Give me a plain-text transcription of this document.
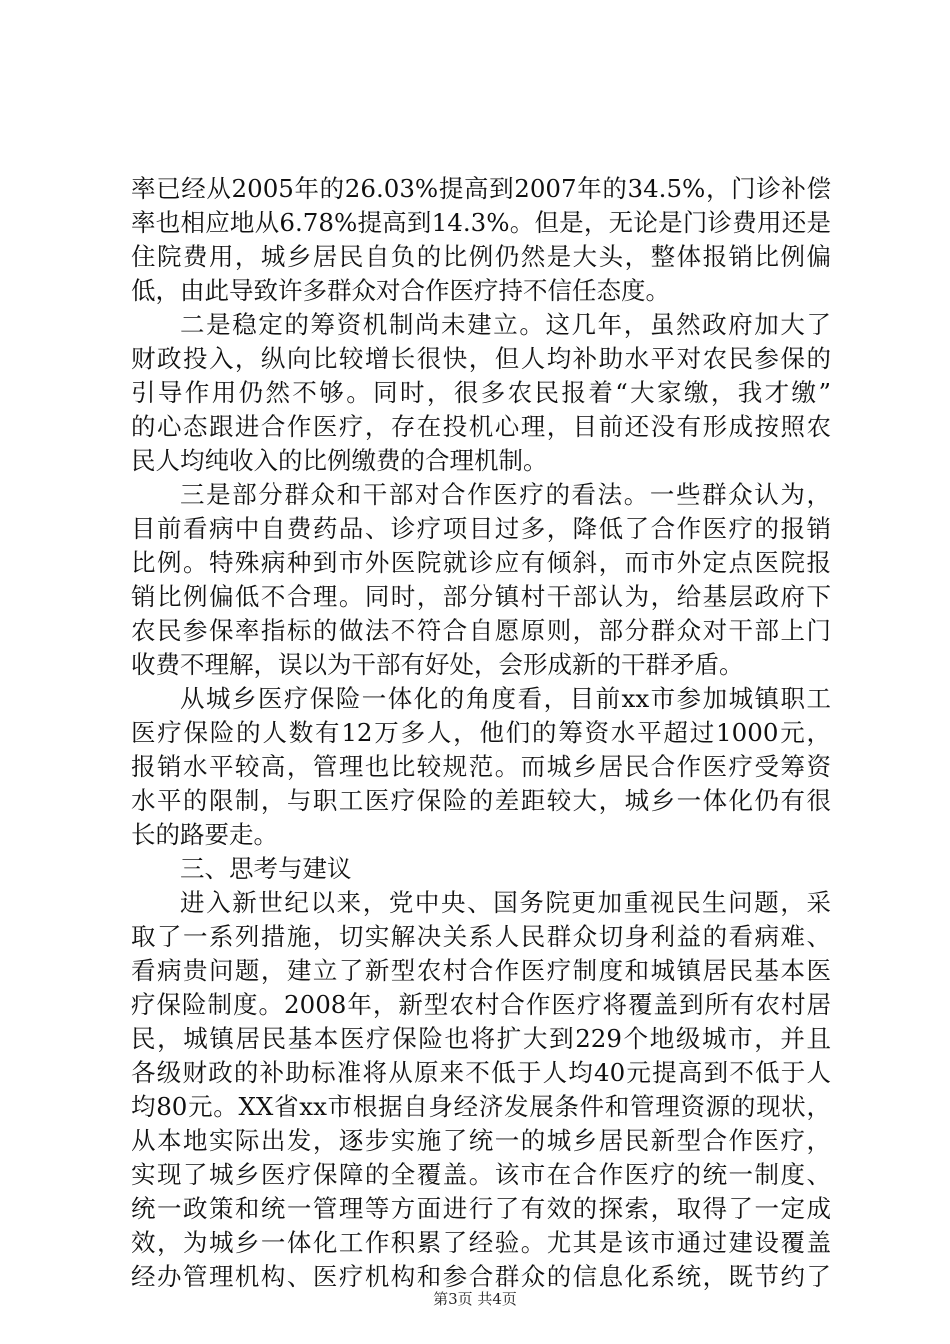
率已经从2005年的26.03%提高到2007年的34.5%，门诊补偿
率也相应地从6.78%提高到14.3%。但是，无论是门诊费用还是
住院费用，城乡居民自负的比例仍然是大头，整体报销比例偏
低，由此导致许多群众对合作医疗持不信任态度。
二是稳定的筹资机制尚未建立。这几年，虽然政府加大了
财政投入，纵向比较增长很快，但人均补助水平对农民参保的
引导作用仍然不够。同时，很多农民报着“大家缴，我才缴”
的心态跟进合作医疗，存在投机心理，目前还没有形成按照农
民人均纯收入的比例缴费的合理机制。
三是部分群众和干部对合作医疗的看法。一些群众认为，
目前看病中自费药品、诊疗项目过多，降低了合作医疗的报销
比例。特殊病种到市外医院就诊应有倾斜，而市外定点医院报
销比例偏低不合理。同时，部分镇村干部认为，给基层政府下
农民参保率指标的做法不符合自愿原则，部分群众对干部上门
收费不理解，误以为干部有好处，会形成新的干群矛盾。
从城乡医疗保险一体化的角度看，目前xx市参加城镇职工
医疗保险的人数有12万多人，他们的筹资水平超过1000元，
报销水平较高，管理也比较规范。而城乡居民合作医疗受筹资
水平的限制，与职工医疗保险的差距较大，城乡一体化仍有很
长的路要走。
三、思考与建议
进入新世纪以来，党中央、国务院更加重视民生问题，采
取了一系列措施，切实解决关系人民群众切身利益的看病难、
看病贵问题，建立了新型农村合作医疗制度和城镇居民基本医
疗保险制度。2008年，新型农村合作医疗将覆盖到所有农村居
民，城镇居民基本医疗保险也将扩大到229个地级城市，并且
各级财政的补助标准将从原来不低于人均40元提高到不低于人
均80元。XX省xx市根据自身经济发展条件和管理资源的现状，
从本地实际出发，逐步实施了统一的城乡居民新型合作医疗，
实现了城乡医疗保障的全覆盖。该市在合作医疗的统一制度、
统一政策和统一管理等方面进行了有效的探索，取得了一定成
效，为城乡一体化工作积累了经验。尤其是该市通过建设覆盖
经办管理机构、医疗机构和参合群众的信息化系统，既节约了
第3页 共4页
